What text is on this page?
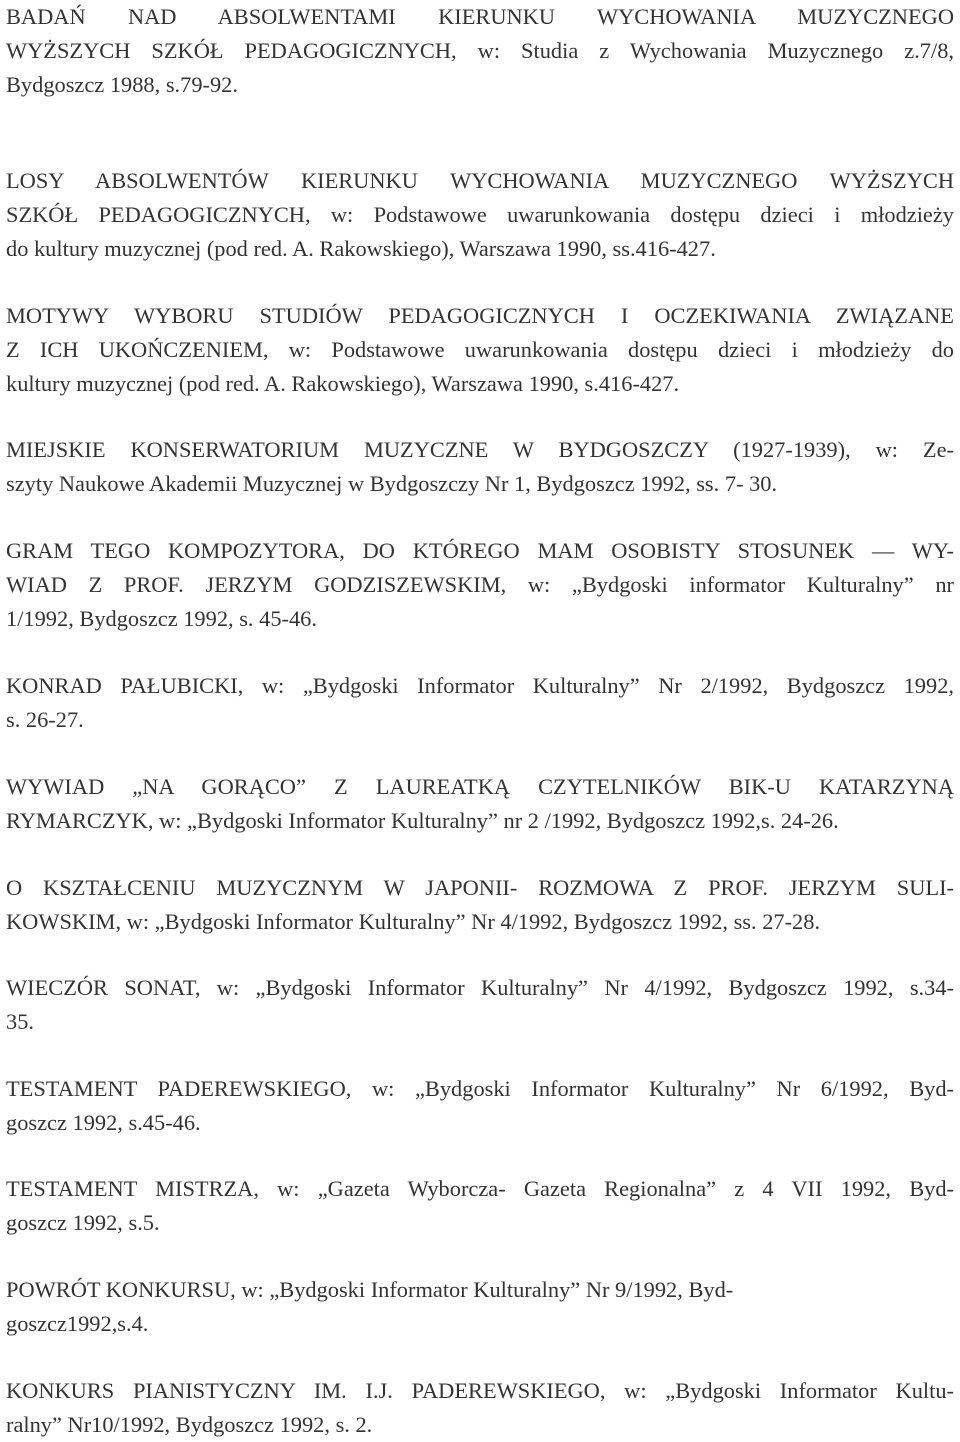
BADAŃ NAD ABSOLWENTAMI KIERUNKU WYCHOWANIA MUZYCZNEGO
WYŻSZYCH SZKÓŁ PEDAGOGICZNYCH, w: Studia z Wychowania Muzycznego z.7/8,
Bydgoszcz 1988, s.79-92.

LOSY ABSOLWENTÓW KIERUNKU WYCHOWANIA MUZYCZNEGO WYŻSZYCH
SZKÓŁ PEDAGOGICZNYCH, w: Podstawowe uwarunkowania dostępu dzieci i młodzieży
do kultury muzycznej (pod red. A. Rakowskiego), Warszawa 1990, ss.416-427.

MOTYWY WYBORU STUDIÓW PEDAGOGICZNYCH I OCZEKIWANIA ZWIĄZANE
Z ICH UKOŃCZENIEM, w: Podstawowe uwarunkowania dostępu dzieci i młodzieży do
kultury muzycznej (pod red. A. Rakowskiego), Warszawa 1990, s.416-427.

MIEJSKIE KONSERWATORIUM MUZYCZNE W BYDGOSZCZY (1927-1939), w: Ze-
szyty Naukowe Akademii Muzycznej w Bydgoszczy Nr 1, Bydgoszcz 1992, ss. 7- 30.

GRAM TEGO KOMPOZYTORA, DO KTÓREGO MAM OSOBISTY STOSUNEK — WY-
WIAD Z PROF. JERZYM GODZISZEWSKIM, w: „Bydgoski informator Kulturalny” nr
1/1992, Bydgoszcz 1992, s. 45-46.

KONRAD PAŁUBICKI, w: „Bydgoski Informator Kulturalny” Nr 2/1992, Bydgoszcz 1992,
s. 26-27.

WYWIAD „NA GORĄCO” Z LAUREATKĄ CZYTELNIKÓW BIK-U KATARZYNĄ
RYMARCZYK, w: „Bydgoski Informator Kulturalny” nr 2 /1992, Bydgoszcz 1992,s. 24-26.

O KSZTAŁCENIU MUZYCZNYM W JAPONII- ROZMOWA Z PROF. JERZYM SULI-
KOWSKIM, w: „Bydgoski Informator Kulturalny” Nr 4/1992, Bydgoszcz 1992, ss. 27-28.

WIECZÓR SONAT, w: „Bydgoski Informator Kulturalny” Nr 4/1992, Bydgoszcz 1992, s.34-
35.

TESTAMENT PADEREWSKIEGO, w: „Bydgoski Informator Kulturalny” Nr 6/1992, Byd-
goszcz 1992, s.45-46.

TESTAMENT MISTRZA, w: „Gazeta Wyborcza- Gazeta Regionalna” z 4 VII 1992, Byd-
goszcz 1992, s.5.

POWRÓT KONKURSU, w: „Bydgoski Informator Kulturalny” Nr 9/1992, Byd-
goszcz1992,s.4.

KONKURS PIANISTYCZNY IM. I.J. PADEREWSKIEGO, w: „Bydgoski Informator Kultu-
ralny” Nr10/1992, Bydgoszcz 1992, s. 2.
